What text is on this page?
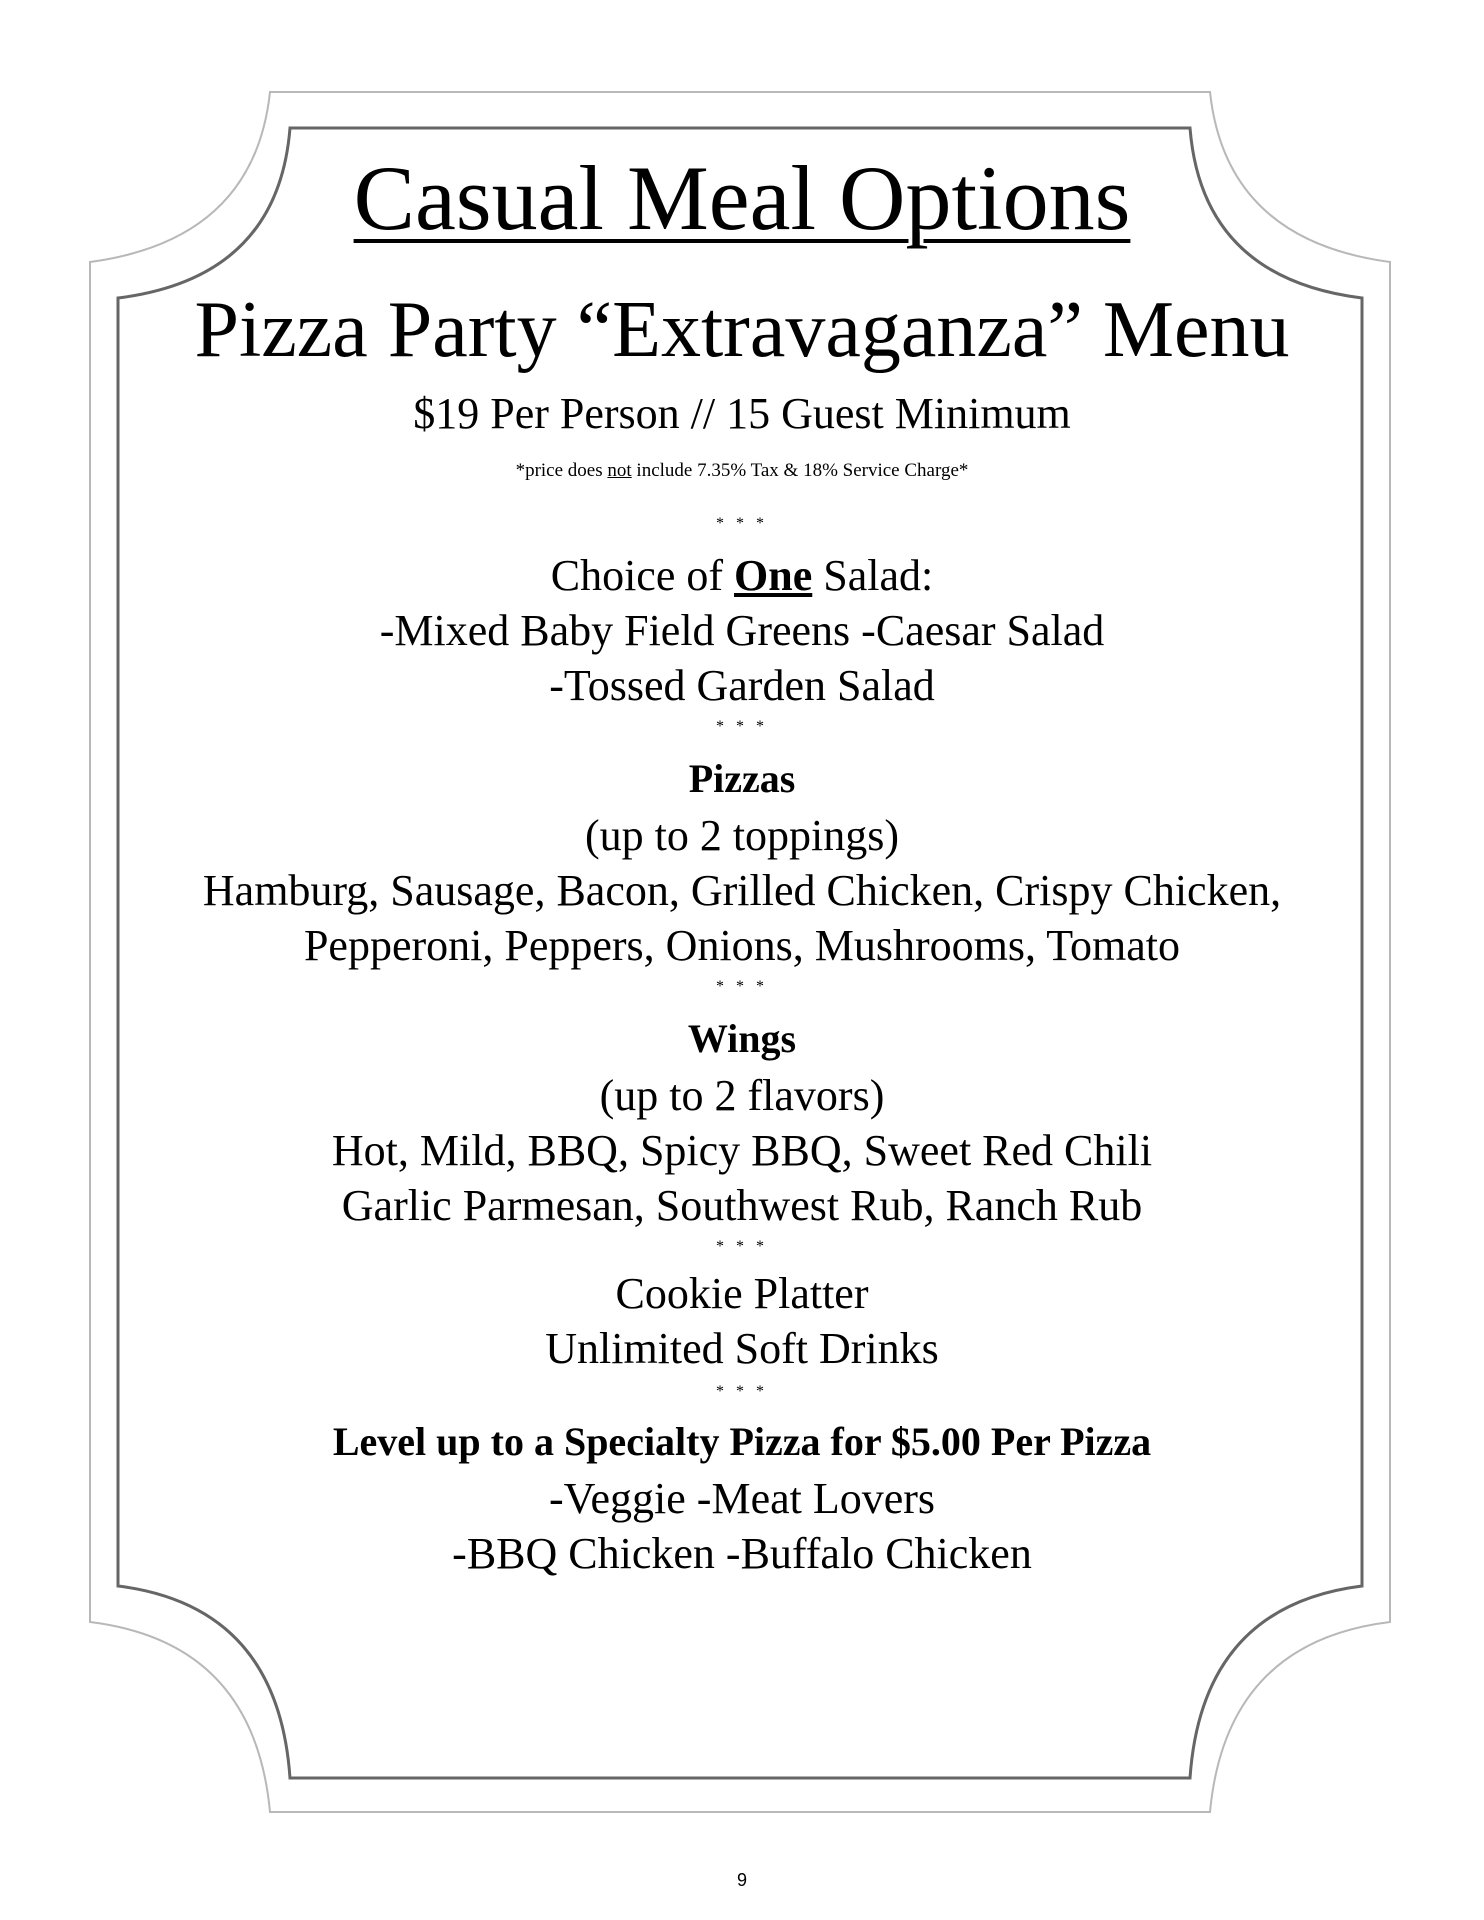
Casual Meal Options
Pizza Party “Extravaganza” Menu
$19 Per Person // 15 Guest Minimum
*price does not include 7.35% Tax & 18% Service Charge*
* * *
Choice of One Salad:
-Mixed Baby Field Greens -Caesar Salad
-Tossed Garden Salad
* * *
Pizzas
(up to 2 toppings)
Hamburg, Sausage, Bacon, Grilled Chicken, Crispy Chicken,
Pepperoni, Peppers, Onions, Mushrooms, Tomato
* * *
Wings
(up to 2 flavors)
Hot, Mild, BBQ, Spicy BBQ, Sweet Red Chili
Garlic Parmesan, Southwest Rub, Ranch Rub
* * *
Cookie Platter
Unlimited Soft Drinks
* * *
Level up to a Specialty Pizza for $5.00 Per Pizza
-Veggie -Meat Lovers
-BBQ Chicken -Buffalo Chicken
9
